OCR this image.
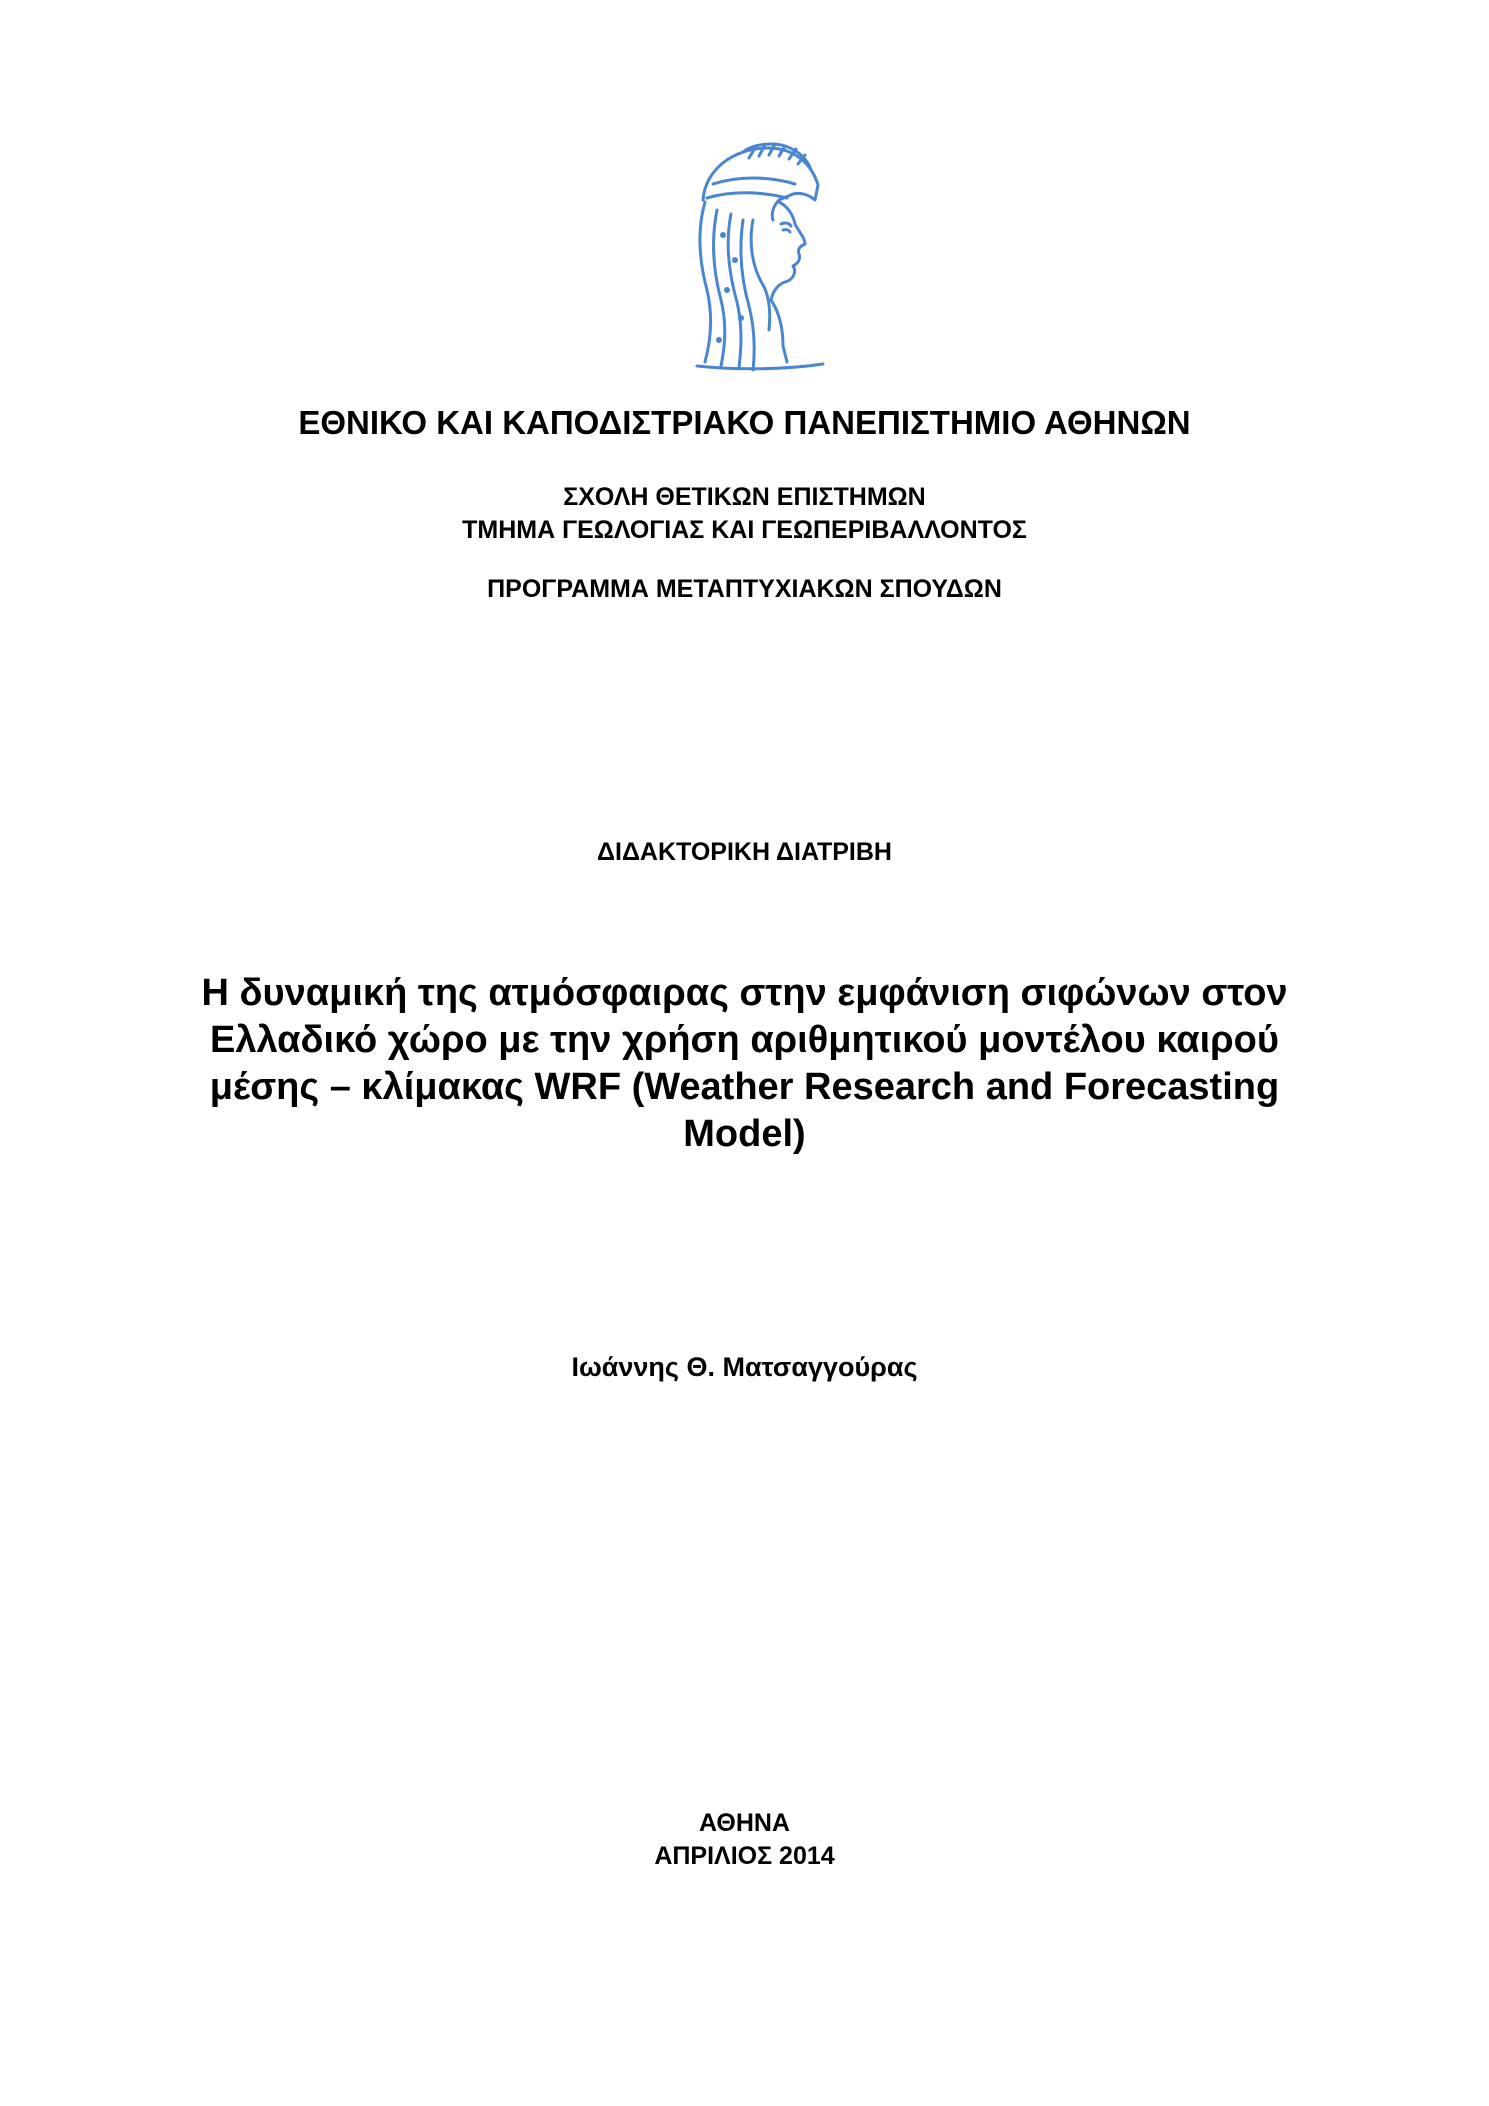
ΕΘΝΙΚΟ ΚΑΙ ΚΑΠΟΔΙΣΤΡΙΑΚΟ ΠΑΝΕΠΙΣΤΗΜΙΟ ΑΘΗΝΩΝ

ΣΧΟΛΗ ΘΕΤΙΚΩΝ ΕΠΙΣΤΗΜΩΝ
ΤΜΗΜΑ ΓΕΩΛΟΓΙΑΣ ΚΑΙ ΓΕΩΠΕΡΙΒΑΛΛΟΝΤΟΣ

ΠΡΟΓΡΑΜΜΑ ΜΕΤΑΠΤΥΧΙΑΚΩΝ ΣΠΟΥΔΩΝ

ΔΙΔΑΚΤΟΡΙΚΗ ΔΙΑΤΡΙΒΗ

Η δυναμική της ατμόσφαιρας στην εμφάνιση σιφώνων στον
Ελλαδικό χώρο με την χρήση αριθμητικού μοντέλου καιρού
μέσης – κλίμακας WRF (Weather Research and Forecasting
Model)

Ιωάννης Θ. Ματσαγγούρας

ΑΘΗΝΑ
ΑΠΡΙΛΙΟΣ 2014
